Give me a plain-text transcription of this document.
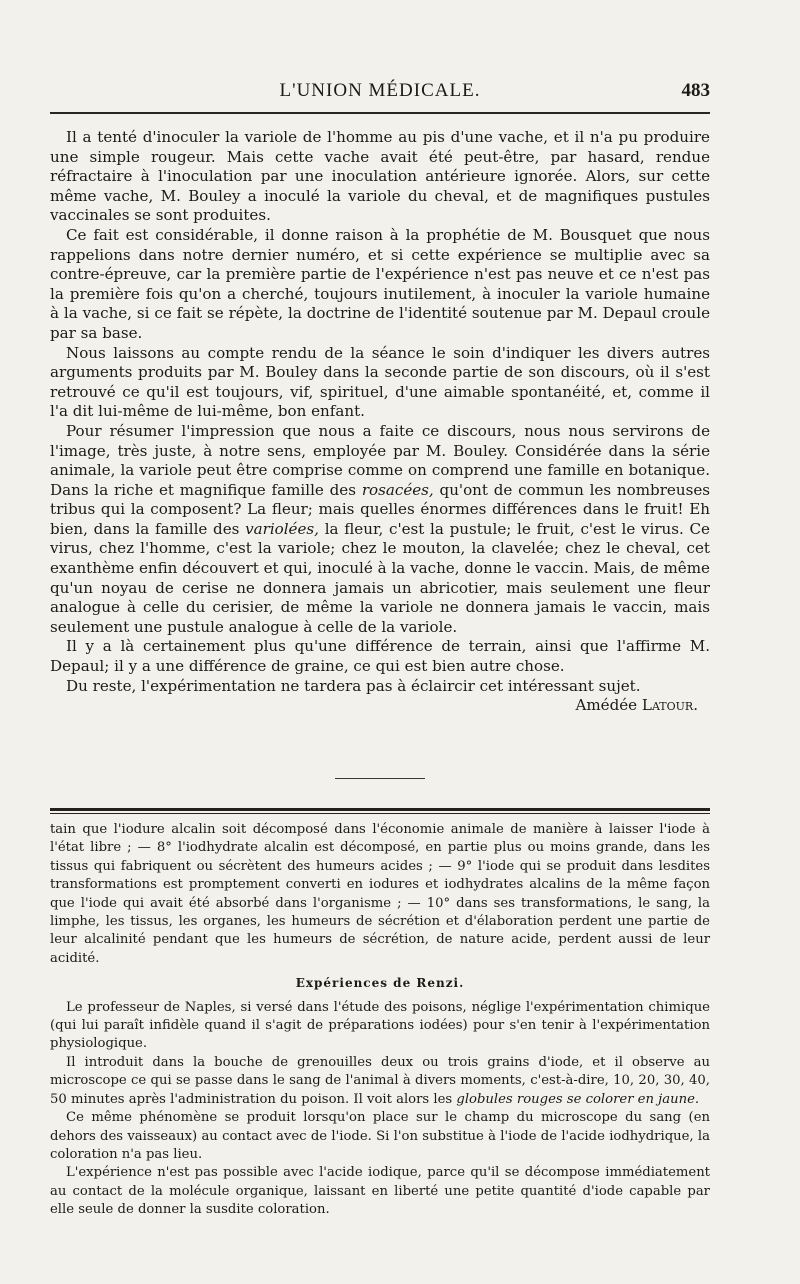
L'UNION MÉDICALE.	483

Il a tenté d'inoculer la variole de l'homme au pis d'une vache, et il n'a pu produire une simple rougeur. Mais cette vache avait été peut-être, par hasard, rendue réfractaire à l'inoculation par une inoculation antérieure ignorée. Alors, sur cette même vache, M. Bouley a inoculé la variole du cheval, et de magnifiques pustules vaccinales se sont produites.

Ce fait est considérable, il donne raison à la prophétie de M. Bousquet que nous rappelions dans notre dernier numéro, et si cette expérience se multiplie avec sa contre-épreuve, car la première partie de l'expérience n'est pas neuve et ce n'est pas la première fois qu'on a cherché, toujours inutilement, à inoculer la variole humaine à la vache, si ce fait se répète, la doctrine de l'identité soutenue par M. Depaul croule par sa base.

Nous laissons au compte rendu de la séance le soin d'indiquer les divers autres arguments produits par M. Bouley dans la seconde partie de son discours, où il s'est retrouvé ce qu'il est toujours, vif, spirituel, d'une aimable spontanéité, et, comme il l'a dit lui-même de lui-même, bon enfant.

Pour résumer l'impression que nous a faite ce discours, nous nous servirons de l'image, très juste, à notre sens, employée par M. Bouley. Considérée dans la série animale, la variole peut être comprise comme on comprend une famille en botanique. Dans la riche et magnifique famille des rosacées, qu'ont de commun les nombreuses tribus qui la composent? La fleur; mais quelles énormes différences dans le fruit! Eh bien, dans la famille des variolées, la fleur, c'est la pustule; le fruit, c'est le virus. Ce virus, chez l'homme, c'est la variole; chez le mouton, la clavelée; chez le cheval, cet exanthème enfin découvert et qui, inoculé à la vache, donne le vaccin. Mais, de même qu'un noyau de cerise ne donnera jamais un abricotier, mais seulement une fleur analogue à celle du cerisier, de même la variole ne donnera jamais le vaccin, mais seulement une pustule analogue à celle de la variole.

Il y a là certainement plus qu'une différence de terrain, ainsi que l'affirme M. Depaul; il y a une différence de graine, ce qui est bien autre chose.

Du reste, l'expérimentation ne tardera pas à éclaircir cet intéressant sujet.

Amédée Latour.

tain que l'iodure alcalin soit décomposé dans l'économie animale de manière à laisser l'iode à l'état libre ; — 8° l'iodhydrate alcalin est décomposé, en partie plus ou moins grande, dans les tissus qui fabriquent ou sécrètent des humeurs acides ; — 9° l'iode qui se produit dans lesdites transformations est promptement converti en iodures et iodhydrates alcalins de la même façon que l'iode qui avait été absorbé dans l'organisme ; — 10° dans ses transformations, le sang, la limphe, les tissus, les organes, les humeurs de sécrétion et d'élaboration perdent une partie de leur alcalinité pendant que les humeurs de sécrétion, de nature acide, perdent aussi de leur acidité.

Expériences de Renzi.

Le professeur de Naples, si versé dans l'étude des poisons, néglige l'expérimentation chimique (qui lui paraît infidèle quand il s'agit de préparations iodées) pour s'en tenir à l'expérimentation physiologique.

Il introduit dans la bouche de grenouilles deux ou trois grains d'iode, et il observe au microscope ce qui se passe dans le sang de l'animal à divers moments, c'est-à-dire, 10, 20, 30, 40, 50 minutes après l'administration du poison. Il voit alors les globules rouges se colorer en jaune.

Ce même phénomène se produit lorsqu'on place sur le champ du microscope du sang (en dehors des vaisseaux) au contact avec de l'iode. Si l'on substitue à l'iode de l'acide iodhydrique, la coloration n'a pas lieu.

L'expérience n'est pas possible avec l'acide iodique, parce qu'il se décompose immédiatement au contact de la molécule organique, laissant en liberté une petite quantité d'iode capable par elle seule de donner la susdite coloration.
